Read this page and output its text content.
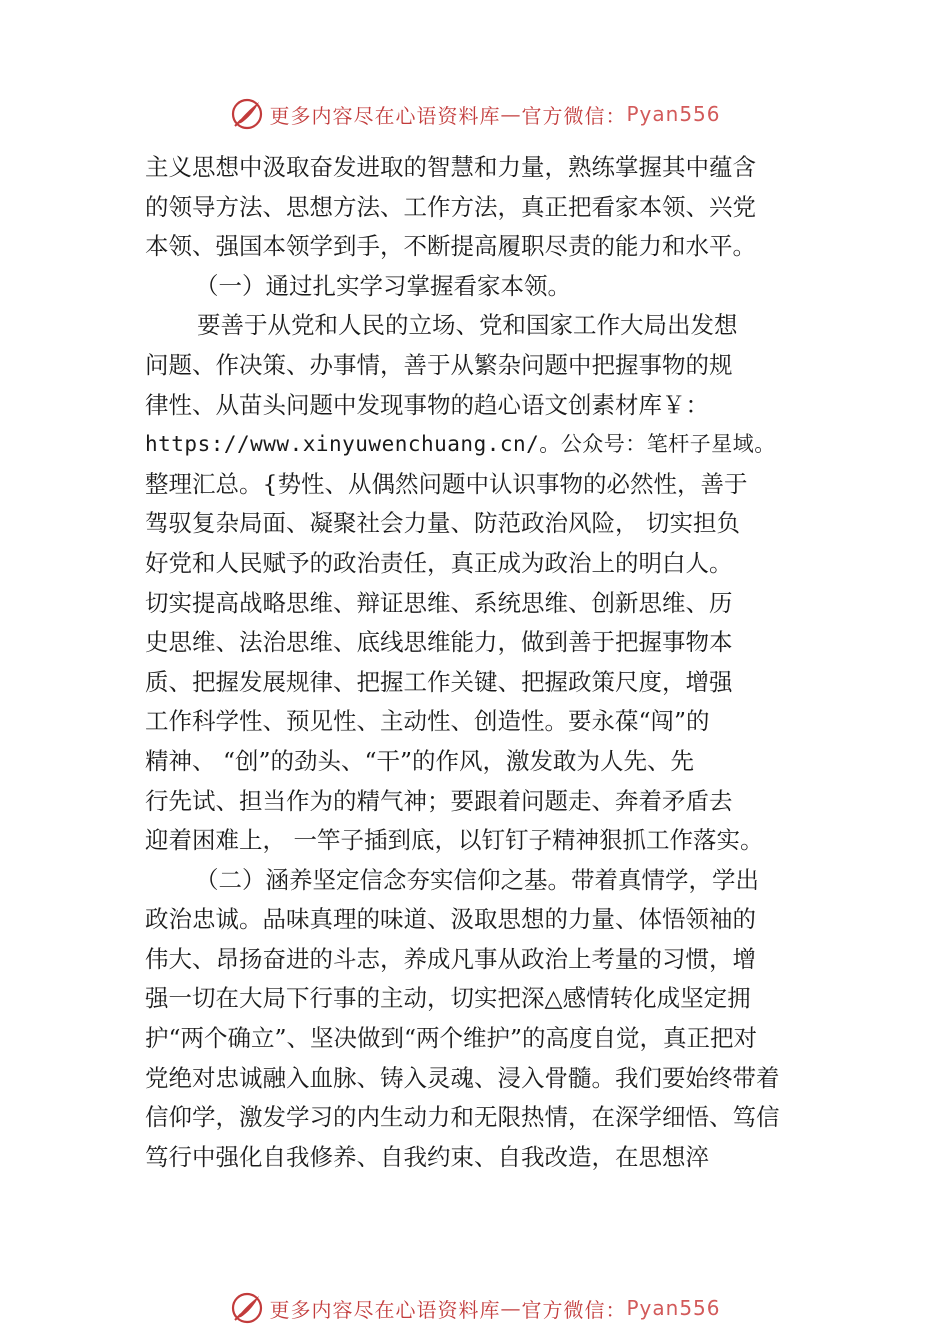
更多内容尽在心语资料库 — 官方微信： Pyan556
主义思想中汲取奋发进取的智慧和力量，熟练掌握其中蕴含
的领导方法、思想方法、工作方法，真正把看家本领、兴党
本领、强国本领学到手，不断提高履职尽责的能力和水平。
（一）通过扎实学习掌握看家本领。
要善于从党和人民的立场、党和国家工作大局出发想
问题、作决策、办事情，善于从繁杂问题中把握事物的规
律性、从苗头问题中发现事物的趋心语文创素材库￥：
https://www.xinyuwenchuang.cn/。公众号：笔杆子星域。
整理汇总。{势性、从偶然问题中认识事物的必然性，善于
驾驭复杂局面、凝聚社会力量、防范政治风险， 切实担负
好党和人民赋予的政治责任，真正成为政治上的明白人。
切实提高战略思维、辩证思维、系统思维、创新思维、历
史思维、法治思维、底线思维能力，做到善于把握事物本
质、把握发展规律、把握工作关键、把握政策尺度，增强
工作科学性、预见性、主动性、创造性。要永葆“闯”的
精神、 “创”的劲头、“干”的作风，激发敢为人先、先
行先试、担当作为的精气神；要跟着问题走、奔着矛盾去
迎着困难上， 一竿子插到底，以钉钉子精神狠抓工作落实。
（二）涵养坚定信念夯实信仰之基。带着真情学，学出
政治忠诚。品味真理的味道、汲取思想的力量、体悟领袖的
伟大、昂扬奋进的斗志，养成凡事从政治上考量的习惯，增
强一切在大局下行事的主动，切实把深△感情转化成坚定拥
护“两个确立”、坚决做到“两个维护”的高度自觉，真正把对
党绝对忠诚融入血脉、铸入灵魂、浸入骨髓。我们要始终带着
信仰学，激发学习的内生动力和无限热情，在深学细悟、笃信
笃行中强化自我修养、自我约束、自我改造，在思想淬
更多内容尽在心语资料库 — 官方微信： Pyan556
